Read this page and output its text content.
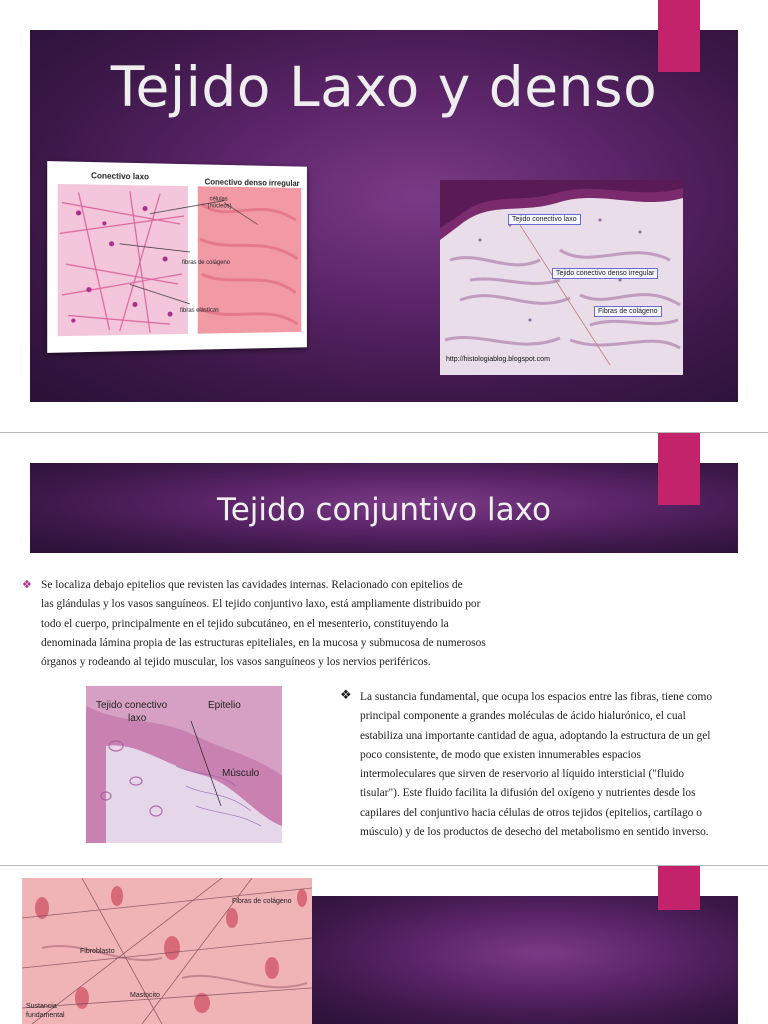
Tejido Laxo y denso
Conectivo laxo
Conectivo denso irregular
células
(núcleos)
fibras de colágeno
fibras elásticas
Tejido conectivo laxo
Tejido conectivo denso irregular
Fibras de colágeno
http://histologiablog.blogspot.com
Tejido conjuntivo laxo
❖ Se localiza debajo epitelios que revisten las cavidades internas. Relacionado con epitelios de
las glándulas y los vasos sanguíneos. El tejido conjuntivo laxo, está ampliamente distribuido por
todo el cuerpo, principalmente en el tejido subcutáneo, en el mesenterio, constituyendo la
denominada lámina propia de las estructuras epiteliales, en la mucosa y submucosa de numerosos
órganos y rodeando al tejido muscular, los vasos sanguíneos y los nervios periféricos.
Tejido conectivo
laxo
Epitelio
Músculo
❖ La sustancia fundamental, que ocupa los espacios entre las fibras, tiene como
principal componente a grandes moléculas de ácido hialurónico, el cual
estabiliza una importante cantidad de agua, adoptando la estructura de un gel
poco consistente, de modo que existen innumerables espacios
intermoleculares que sirven de reservorio al líquido intersticial ("fluido
tisular"). Este fluido facilita la difusión del oxígeno y nutrientes desde los
capilares del conjuntivo hacia células de otros tejidos (epitelios, cartílago o
músculo) y de los productos de desecho del metabolismo en sentido inverso.
Fibras de colágeno
Fibroblasto
Mastocito
Sustancia
fundamental
